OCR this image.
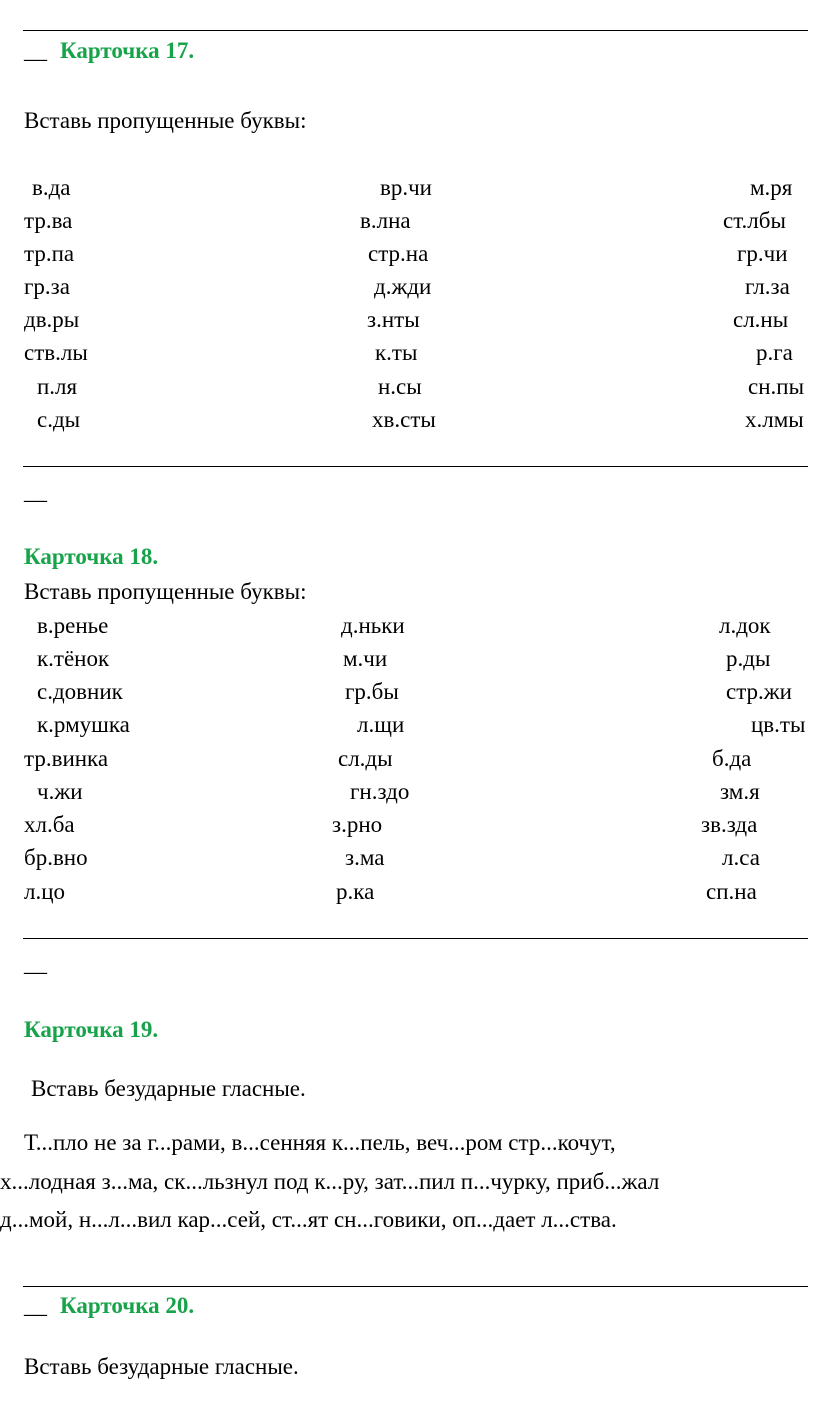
__ Карточка 17.
Вставь пропущенные буквы:
в.да	вр.чи	м.ря
тр.ва	в.лна	ст.лбы
тр.па	стр.на	гр.чи
гр.за	д.жди	гл.за
дв.ры	з.нты	сл.ны
ств.лы	к.ты	р.га
п.ля	н.сы	сн.пы
с.ды	хв.сты	х.лмы
__
Карточка 18.
Вставь пропущенные буквы:
в.ренье	д.ньки	л.док
к.тёнок	м.чи	р.ды
с.довник	гр.бы	стр.жи
к.рмушка	л.щи	цв.ты
тр.винка	сл.ды	б.да
ч.жи	гн.здо	зм.я
хл.ба	з.рно	зв.зда
бр.вно	з.ма	л.са
л.цо	р.ка	сп.на
__
Карточка 19.
Вставь безударные гласные.
Т...пло не за г...рами, в...сенняя к...пель, веч...ром стр...кочут,
х...лодная з...ма, ск...льзнул под к...ру, зат...пил п...чурку, приб...жал
д...мой, н...л...вил кар...сей, ст...ят сн...говики, оп...дает л...ства.
__ Карточка 20.
Вставь безударные гласные.
